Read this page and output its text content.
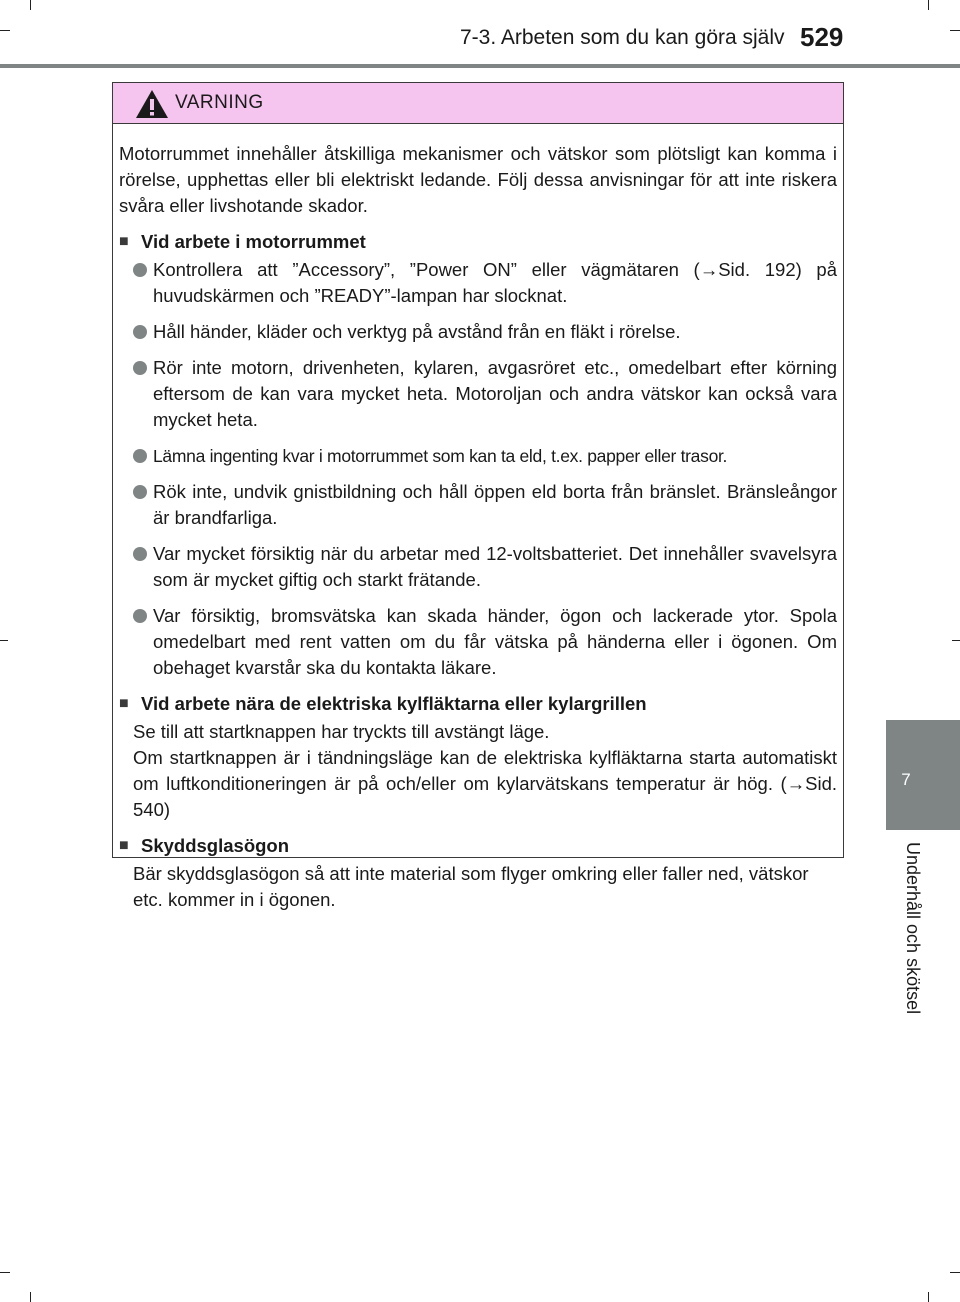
7-3. Arbeten som du kan göra själv 529
7
Underhåll och skötsel
VARNING

Motorrummet innehåller åtskilliga mekanismer och vätskor som plötsligt kan komma i rörelse, upphettas eller bli elektriskt ledande. Följ dessa anvisningar för att inte riskera svåra eller livshotande skador.

■ Vid arbete i motorrummet
Kontrollera att ”Accessory”, ”Power ON” eller vägmätaren (→Sid. 192) på huvudskärmen och ”READY”-lampan har slocknat.
Håll händer, kläder och verktyg på avstånd från en fläkt i rörelse.
Rör inte motorn, drivenheten, kylaren, avgasröret etc., omedelbart efter körning eftersom de kan vara mycket heta. Motoroljan och andra vätskor kan också vara mycket heta.
Lämna ingenting kvar i motorrummet som kan ta eld, t.ex. papper eller trasor.
Rök inte, undvik gnistbildning och håll öppen eld borta från bränslet. Bränsleångor är brandfarliga.
Var mycket försiktig när du arbetar med 12-voltsbatteriet. Det innehåller svavelsyra som är mycket giftig och starkt frätande.
Var försiktig, bromsvätska kan skada händer, ögon och lackerade ytor. Spola omedelbart med rent vatten om du får vätska på händerna eller i ögonen. Om obehaget kvarstår ska du kontakta läkare.
■ Vid arbete nära de elektriska kylfläktarna eller kylargrillen
Se till att startknappen har tryckts till avstängt läge.
Om startknappen är i tändningsläge kan de elektriska kylfläktarna starta automatiskt om luftkonditioneringen är på och/eller om kylarvätskans temperatur är hög. (→Sid. 540)
■ Skyddsglasögon
Bär skyddsglasögon så att inte material som flyger omkring eller faller ned, vätskor etc. kommer in i ögonen.
